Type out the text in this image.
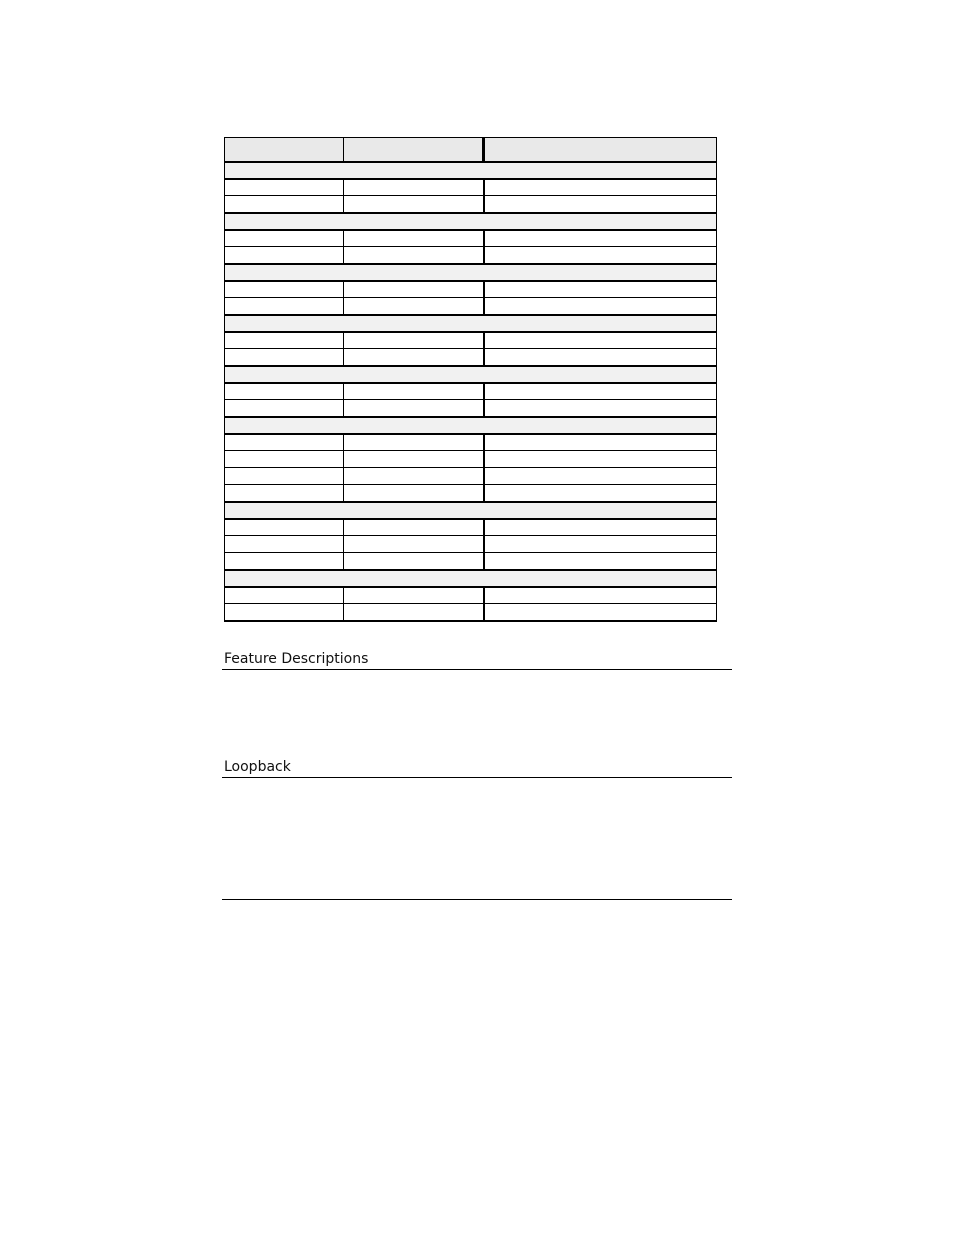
Feature Descriptions
Loopback
